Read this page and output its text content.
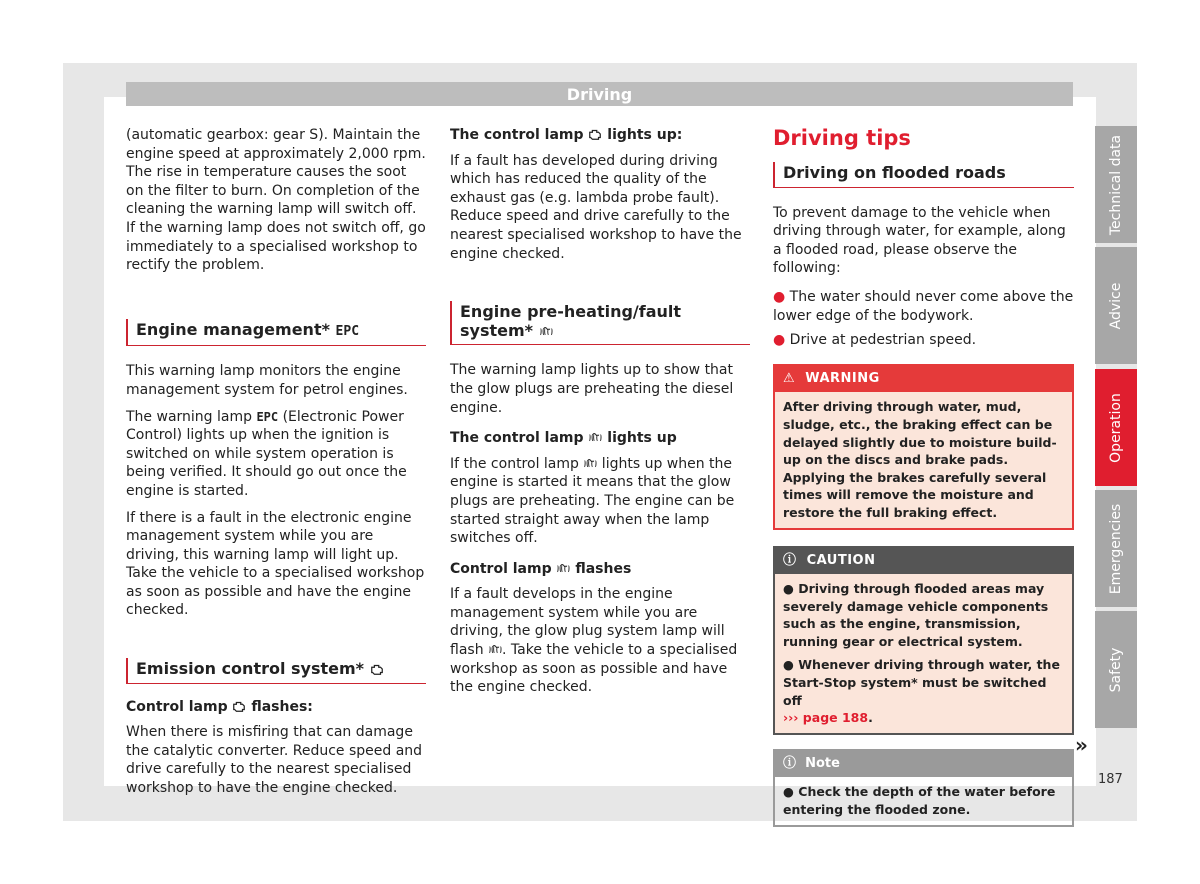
Driving

(automatic gearbox: gear S). Maintain the engine speed at approximately 2,000 rpm. The rise in temperature causes the soot on the filter to burn. On completion of the cleaning the warning lamp will switch off. If the warning lamp does not switch off, go immediately to a specialised workshop to rectify the problem.

Engine management* EPC

This warning lamp monitors the engine management system for petrol engines.

The warning lamp EPC (Electronic Power Control) lights up when the ignition is switched on while system operation is being verified. It should go out once the engine is started.

If there is a fault in the electronic engine management system while you are driving, this warning lamp will light up. Take the vehicle to a specialised workshop as soon as possible and have the engine checked.

Emission control system*

Control lamp  flashes:

When there is misfiring that can damage the catalytic converter. Reduce speed and drive carefully to the nearest specialised workshop to have the engine checked.

The control lamp  lights up:

If a fault has developed during driving which has reduced the quality of the exhaust gas (e.g. lambda probe fault). Reduce speed and drive carefully to the nearest specialised workshop to have the engine checked.

Engine pre-heating/fault system*

The warning lamp lights up to show that the glow plugs are preheating the diesel engine.

The control lamp  lights up

If the control lamp  lights up when the engine is started it means that the glow plugs are preheating. The engine can be started straight away when the lamp switches off.

Control lamp  flashes

If a fault develops in the engine management system while you are driving, the glow plug system lamp will flash . Take the vehicle to a specialised workshop as soon as possible and have the engine checked.

Driving tips
Driving on flooded roads

To prevent damage to the vehicle when driving through water, for example, along a flooded road, please observe the following:

● The water should never come above the lower edge of the bodywork.

● Drive at pedestrian speed.

⚠ WARNING
After driving through water, mud, sludge, etc., the braking effect can be delayed slightly due to moisture build-up on the discs and brake pads. Applying the brakes carefully several times will remove the moisture and restore the full braking effect.
ⓘ CAUTION
● Driving through flooded areas may severely damage vehicle components such as the engine, transmission, running gear or electrical system.
● Whenever driving through water, the Start-Stop system* must be switched off
››› page 188.
ⓘ Note
● Check the depth of the water before entering the flooded zone.
Technical data
Advice
Operation
Emergencies
Safety
»
187
